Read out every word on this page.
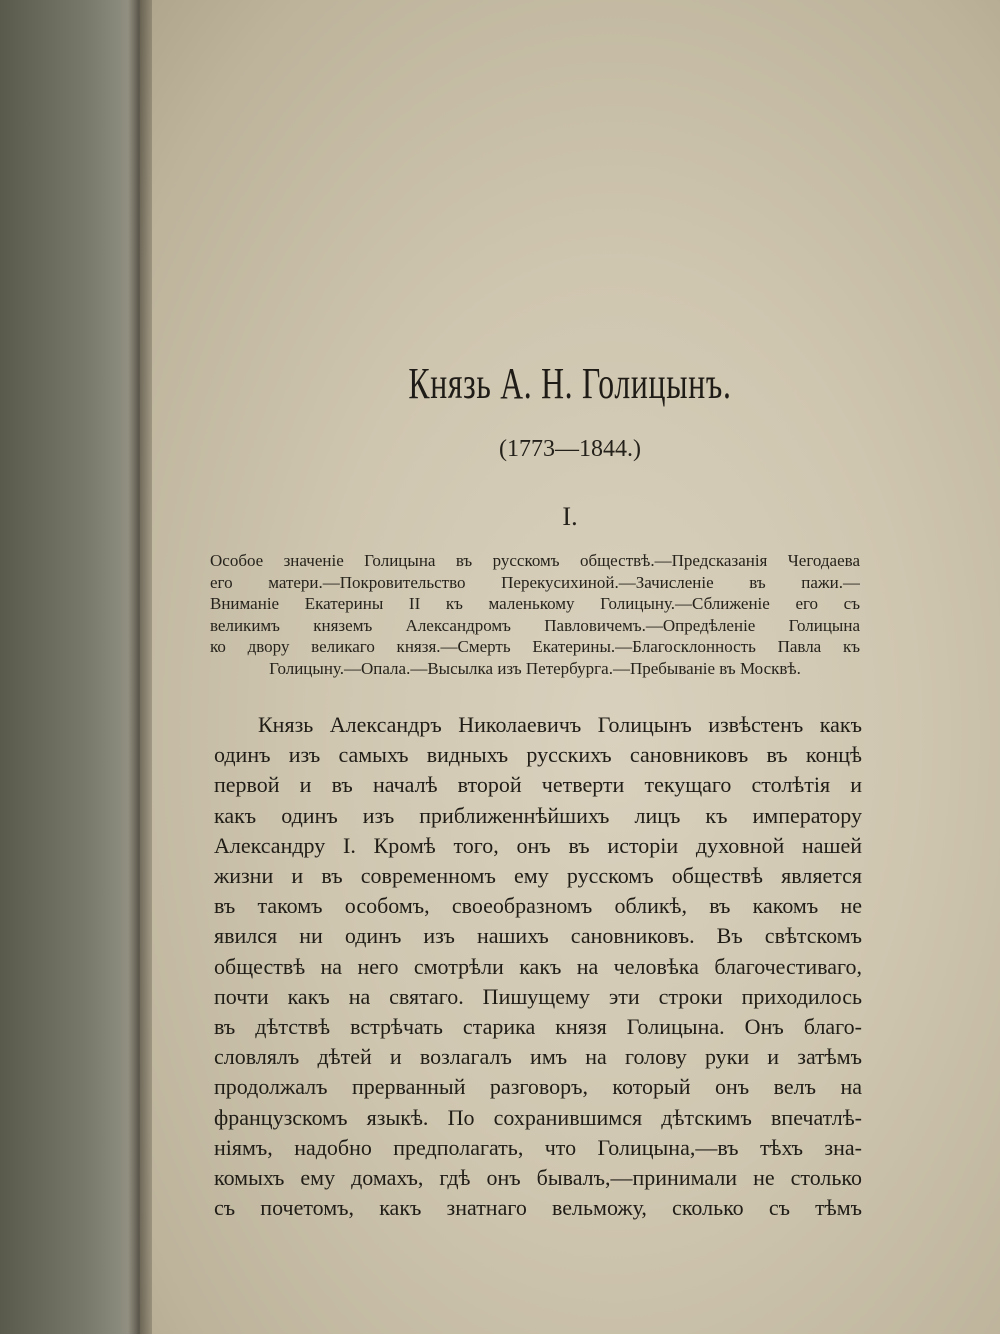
Князь А. Н. Голицынъ.
(1773—1844.)
I.
Особое значеніе Голицына въ русскомъ обществѣ.—Предсказанія Чегодаева
его матери.—Покровительство Перекусихиной.—Зачисленіе въ пажи.—
Вниманіе Екатерины II къ маленькому Голицыну.—Сближеніе его съ
великимъ княземъ Александромъ Павловичемъ.—Опредѣленіе Голицына
ко двору великаго князя.—Смерть Екатерины.—Благосклонность Павла къ
Голицыну.—Опала.—Высылка изъ Петербурга.—Пребываніе въ Москвѣ.
Князь Александръ Николаевичъ Голицынъ извѣстенъ какъ
одинъ изъ самыхъ видныхъ русскихъ сановниковъ въ концѣ
первой и въ началѣ второй четверти текущаго столѣтія и
какъ одинъ изъ приближеннѣйшихъ лицъ къ императору
Александру I. Кромѣ того, онъ въ исторіи духовной нашей
жизни и въ современномъ ему русскомъ обществѣ является
въ такомъ особомъ, своеобразномъ обликѣ, въ какомъ не
явился ни одинъ изъ нашихъ сановниковъ. Въ свѣтскомъ
обществѣ на него смотрѣли какъ на человѣка благочестиваго,
почти какъ на святаго. Пишущему эти строки приходилось
въ дѣтствѣ встрѣчать старика князя Голицына. Онъ благо-
словлялъ дѣтей и возлагалъ имъ на голову руки и затѣмъ
продолжалъ прерванный разговоръ, который онъ велъ на
французскомъ языкѣ. По сохранившимся дѣтскимъ впечатлѣ-
ніямъ, надобно предполагать, что Голицына,—въ тѣхъ зна-
комыхъ ему домахъ, гдѣ онъ бывалъ,—принимали не столько
съ почетомъ, какъ знатнаго вельможу, сколько съ тѣмъ
